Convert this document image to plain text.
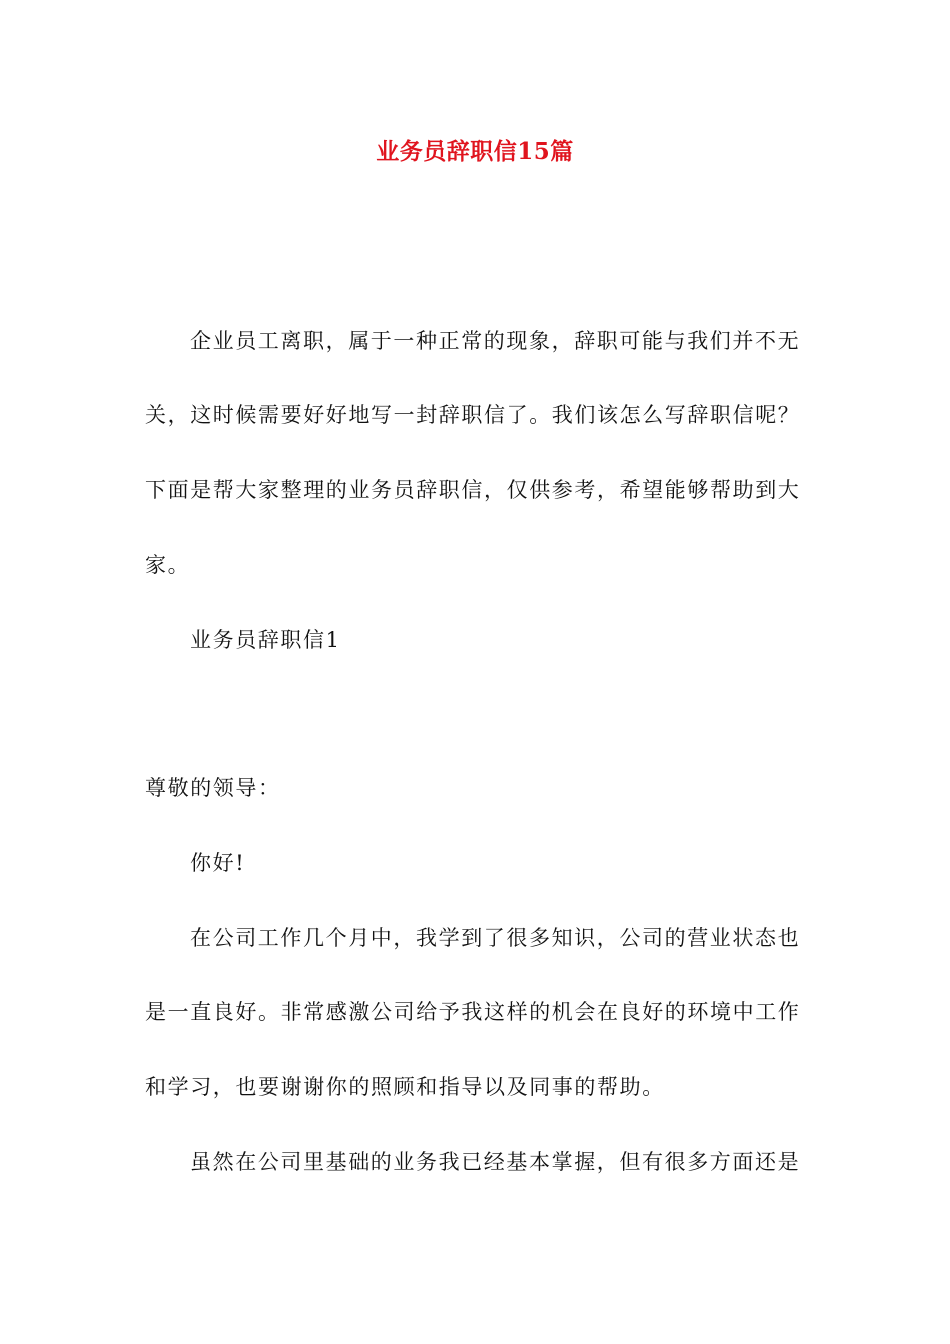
业务员辞职信15篇
企业员工离职，属于一种正常的现象，辞职可能与我们并不无
关，这时候需要好好地写一封辞职信了。我们该怎么写辞职信呢？
下面是帮大家整理的业务员辞职信，仅供参考，希望能够帮助到大
家。
业务员辞职信1
尊敬的领导：
你好!
在公司工作几个月中，我学到了很多知识，公司的营业状态也
是一直良好。非常感激公司给予我这样的机会在良好的环境中工作
和学习，也要谢谢你的照顾和指导以及同事的帮助。
虽然在公司里基础的业务我已经基本掌握，但有很多方面还是
